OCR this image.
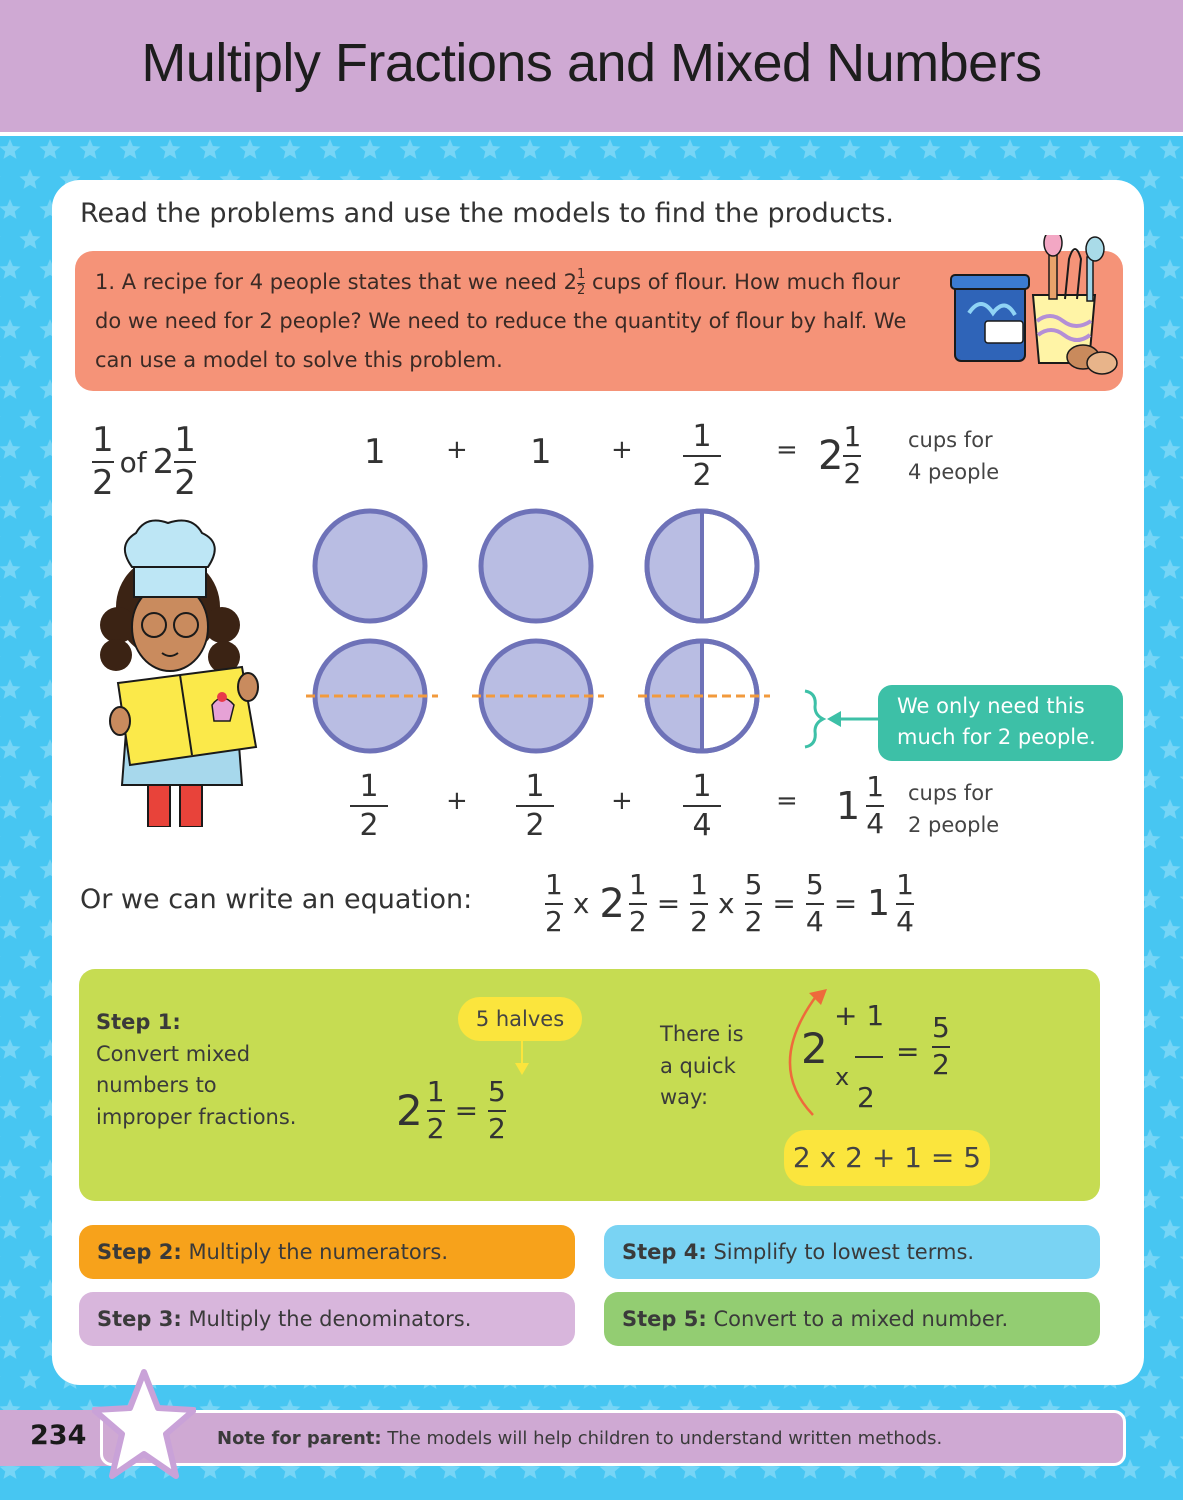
Multiply Fractions and Mixed Numbers
Read the problems and use the models to find the products.
1. A recipe for 4 people states that we need $2 \frac{1}{2}$ cups of flour. How much flour do we need for 2 people? We need to reduce the quantity of flour by half. We can use a model to solve this problem.
$\frac{1}{2}$ of $2 \frac{1}{2}$	$1 + 1 + \frac{1}{2} = 2 \frac{1}{2}$ cups for
4 people
We only need this
much for 2 people.
$\frac{1}{2} + \frac{1}{2} + \frac{1}{4} = 1 \frac{1}{4}$ cups for
2 people
Or we can write an equation:	$\frac{1}{2}$ x $2 \frac{1}{2} = \frac{1}{2}$ x $\frac{5}{2} = \frac{5}{4} = 1 \frac{1}{4}$
Step 1:
Convert mixed
numbers to
improper fractions.
5 halves
$2 \frac{1}{2} = \frac{5}{2}$
There is
a quick
way:
2
+ 1
x
2
= $\frac{5}{2}$
2 x 2 + 1 = 5
Step 2: Multiply the numerators.
Step 3: Multiply the denominators.
Step 4: Simplify to lowest terms.
Step 5: Convert to a mixed number.
Note for parent: The models will help children to understand written methods.
234
